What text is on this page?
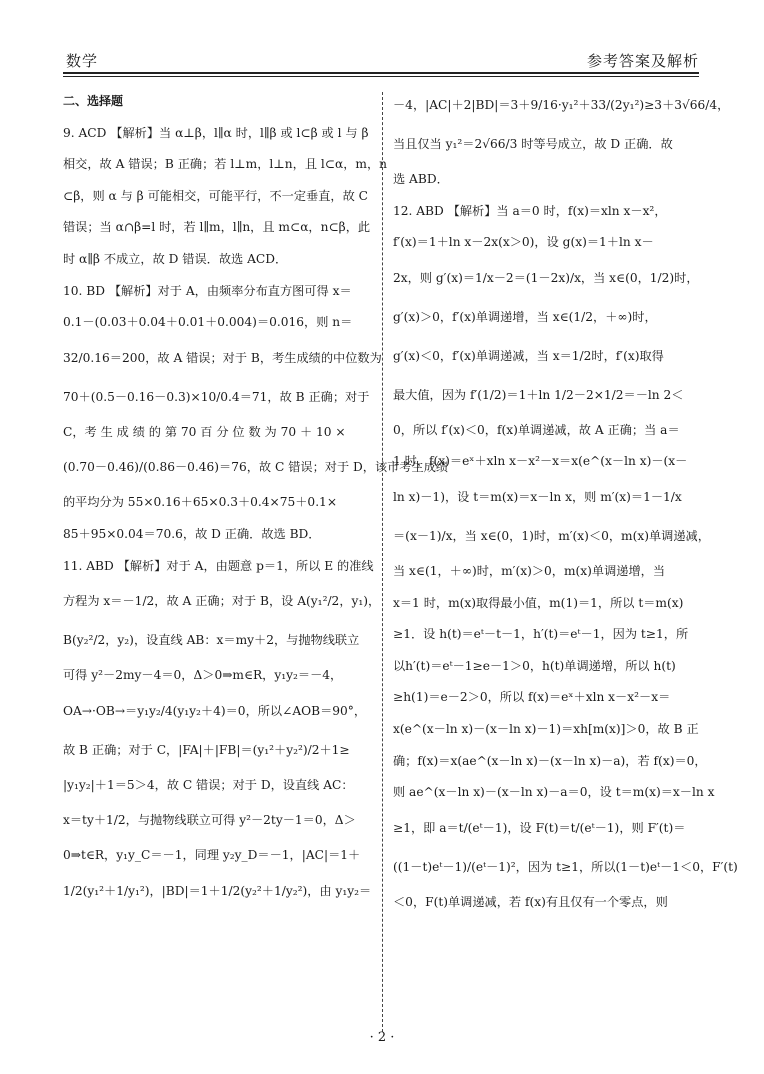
数学	参考答案及解析
二、选择题
9. ACD 【解析】当 α⊥β，l∥α 时，l∥β 或 l⊂β 或 l 与 β
相交，故 A 错误；B 正确；若 l⊥m，l⊥n，且 l⊂α，m，n
⊂β，则 α 与 β 可能相交，可能平行，不一定垂直，故 C
错误；当 α∩β=l 时，若 l∥m，l∥n，且 m⊂α，n⊂β，此
时 α∥β 不成立，故 D 错误．故选 ACD．
10. BD 【解析】对于 A，由频率分布直方图可得 x＝
0.1－(0.03＋0.04＋0.01＋0.004)＝0.016，则 n＝
32/0.16＝200，故 A 错误；对于 B，考生成绩的中位数为
70＋(0.5－0.16－0.3)×10/0.4＝71，故 B 正确；对于
C，考 生 成 绩 的 第 70 百 分 位 数 为 70 ＋ 10 ×
(0.70－0.46)/(0.86－0.46)＝76，故 C 错误；对于 D，该市考生成绩
的平均分为 55×0.16＋65×0.3＋0.4×75＋0.1×
85＋95×0.04＝70.6，故 D 正确．故选 BD．
11. ABD 【解析】对于 A，由题意 p＝1，所以 E 的准线
方程为 x＝－1/2，故 A 正确；对于 B，设 A(y₁²/2，y₁)，
B(y₂²/2，y₂)，设直线 AB：x＝my＋2，与抛物线联立
可得 y²－2my－4＝0，Δ＞0⇒m∈R，y₁y₂＝－4，
OA→·OB→＝y₁y₂/4(y₁y₂＋4)＝0，所以∠AOB＝90°，
故 B 正确；对于 C，|FA|＋|FB|＝(y₁²＋y₂²)/2＋1≥
|y₁y₂|＋1＝5＞4，故 C 错误；对于 D，设直线 AC：
x＝ty＋1/2，与抛物线联立可得 y²－2ty－1＝0，Δ＞
0⇒t∈R，y₁y_C＝－1，同理 y₂y_D＝－1，|AC|＝1＋
1/2(y₁²＋1/y₁²)，|BD|＝1＋1/2(y₂²＋1/y₂²)，由 y₁y₂＝
－4，|AC|＋2|BD|＝3＋9/16·y₁²＋33/(2y₁²)≥3＋3√66/4，
当且仅当 y₁²＝2√66/3 时等号成立，故 D 正确．故
选 ABD．
12. ABD 【解析】当 a＝0 时，f(x)＝xln x－x²，
f′(x)＝1＋ln x－2x(x＞0)，设 g(x)＝1＋ln x－
2x，则 g′(x)＝1/x－2＝(1－2x)/x，当 x∈(0，1/2)时，
g′(x)＞0，f′(x)单调递增，当 x∈(1/2，＋∞)时，
g′(x)＜0，f′(x)单调递减，当 x＝1/2时，f′(x)取得
最大值，因为 f′(1/2)＝1＋ln 1/2－2×1/2＝－ln 2＜
0，所以 f′(x)＜0，f(x)单调递减，故 A 正确；当 a＝
1 时，f(x)＝eˣ＋xln x－x²－x＝x(e^(x－ln x)－(x－
ln x)－1)，设 t＝m(x)＝x－ln x，则 m′(x)＝1－1/x
＝(x－1)/x，当 x∈(0，1)时，m′(x)＜0，m(x)单调递减，
当 x∈(1，＋∞)时，m′(x)＞0，m(x)单调递增，当
x＝1 时，m(x)取得最小值，m(1)＝1，所以 t＝m(x)
≥1．设 h(t)＝eᵗ－t－1，h′(t)＝eᵗ－1，因为 t≥1，所
以h′(t)＝eᵗ－1≥e－1＞0，h(t)单调递增，所以 h(t)
≥h(1)＝e－2＞0，所以 f(x)＝eˣ＋xln x－x²－x＝
x(e^(x－ln x)－(x－ln x)－1)＝xh[m(x)]＞0，故 B 正
确；f(x)＝x(ae^(x－ln x)－(x－ln x)－a)，若 f(x)＝0，
则 ae^(x－ln x)－(x－ln x)－a＝0，设 t＝m(x)＝x－ln x
≥1，即 a＝t/(eᵗ－1)，设 F(t)＝t/(eᵗ－1)，则 F′(t)＝
((1－t)eᵗ－1)/(eᵗ－1)²，因为 t≥1，所以(1－t)eᵗ－1＜0，F′(t)
＜0，F(t)单调递减，若 f(x)有且仅有一个零点，则
· 2 ·
